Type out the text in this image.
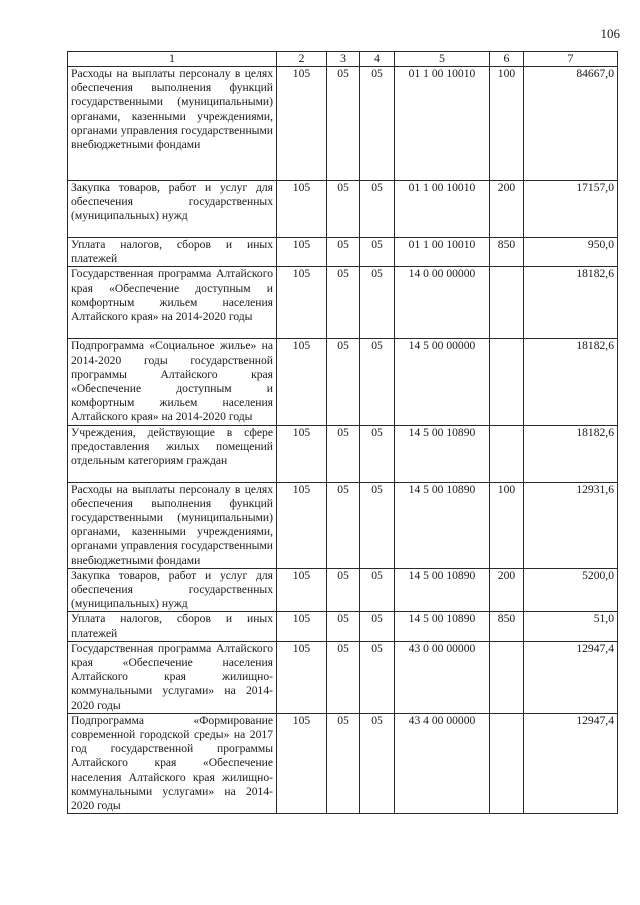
106
1	2	3	4	5	6	7
Расходы на выплаты персоналу в целях обеспечения выполнения функций государственными (муниципальными) органами, казенными учреждениями, органами управления государственными внебюджетными фондами	105	05	05	01 1 00 10010	100	84667,0
Закупка товаров, работ и услуг для обеспечения государственных (муниципальных) нужд	105	05	05	01 1 00 10010	200	17157,0
Уплата налогов, сборов и иных платежей	105	05	05	01 1 00 10010	850	950,0
Государственная программа Алтайского края «Обеспечение доступным и комфортным жильем населения Алтайского края» на 2014-2020 годы	105	05	05	14 0 00 00000		18182,6
Подпрограмма «Социальное жилье» на 2014-2020 годы государственной программы Алтайского края «Обеспечение доступным и комфортным жильем населения Алтайского края» на 2014-2020 годы	105	05	05	14 5 00 00000		18182,6
Учреждения, действующие в сфере предоставления жилых помещений отдельным категориям граждан	105	05	05	14 5 00 10890		18182,6
Расходы на выплаты персоналу в целях обеспечения выполнения функций государственными (муниципальными) органами, казенными учреждениями, органами управления государственными внебюджетными фондами	105	05	05	14 5 00 10890	100	12931,6
Закупка товаров, работ и услуг для обеспечения государственных (муниципальных) нужд	105	05	05	14 5 00 10890	200	5200,0
Уплата налогов, сборов и иных платежей	105	05	05	14 5 00 10890	850	51,0
Государственная программа Алтайского края «Обеспечение населения Алтайского края жилищно-коммунальными услугами» на 2014-2020 годы	105	05	05	43 0 00 00000		12947,4
Подпрограмма «Формирование современной городской среды» на 2017 год государственной программы Алтайского края «Обеспечение населения Алтайского края жилищно-коммунальными услугами» на 2014-2020 годы	105	05	05	43 4 00 00000		12947,4
